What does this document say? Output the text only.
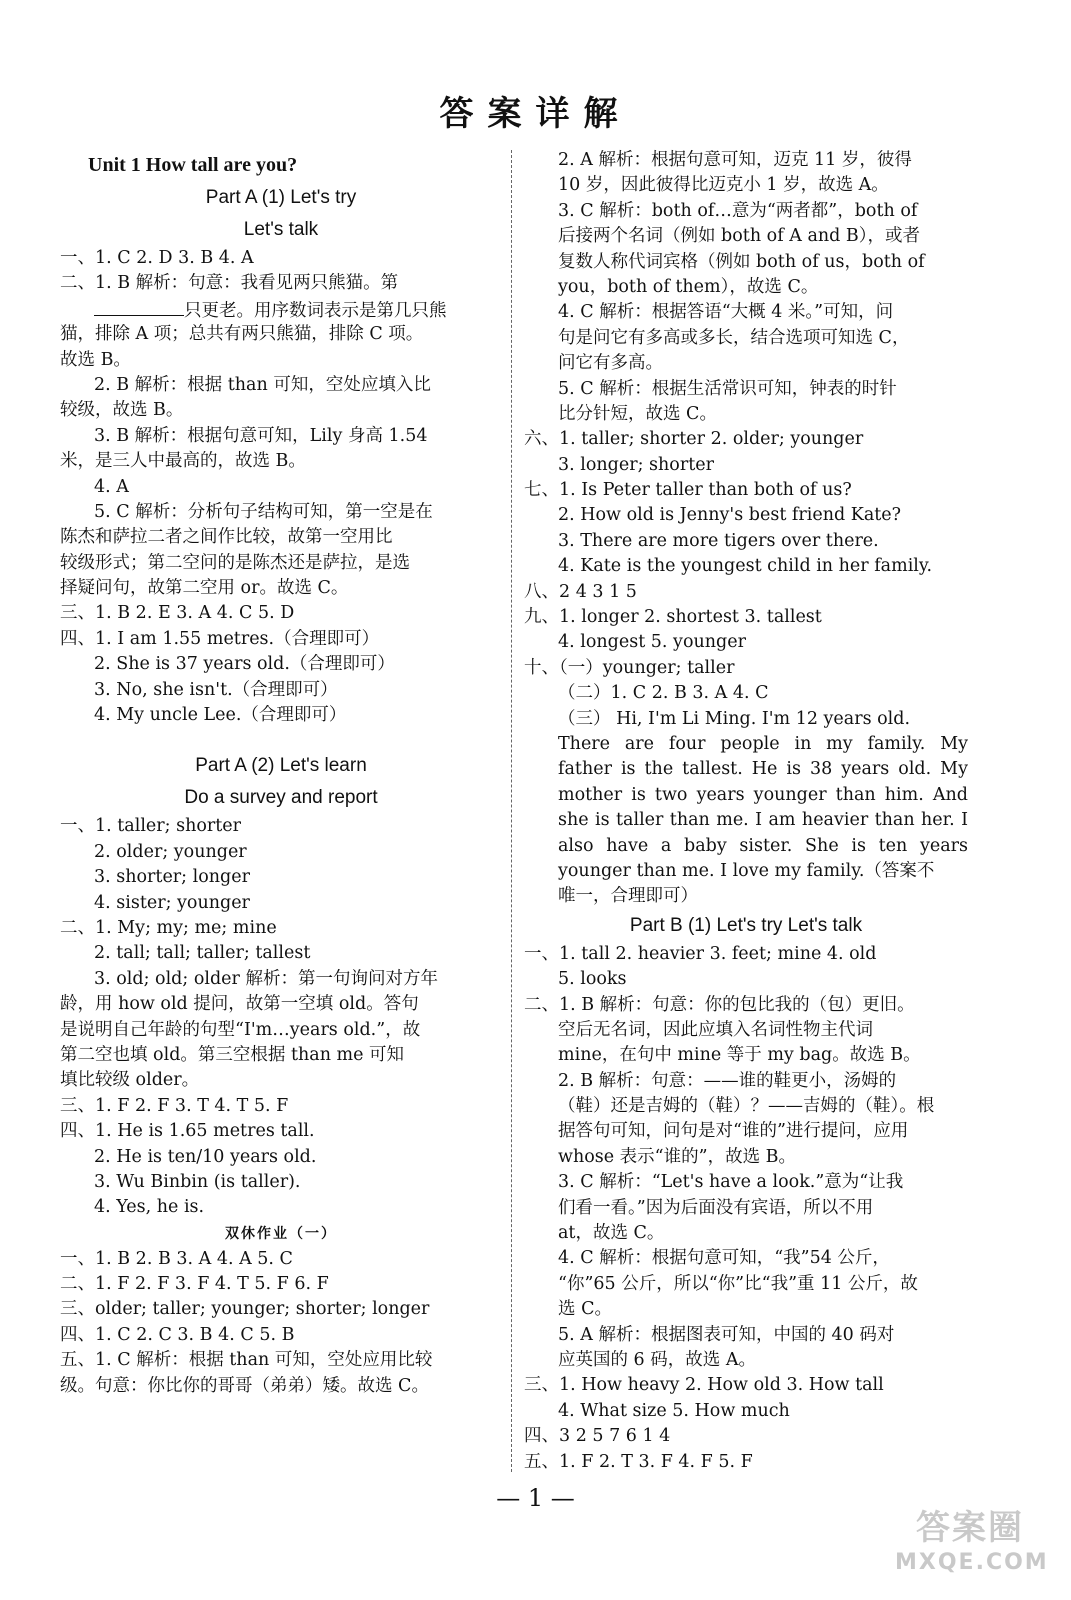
答案详解
Unit 1 How tall are you?
Part A (1) Let's try
Let's talk
一、1. C 2. D 3. B 4. A
二、1. B 解析：句意：我看见两只熊猫。第
只更老。用序数词表示是第几只熊
猫，排除 A 项；总共有两只熊猫，排除 C 项。
故选 B。
2. B 解析：根据 than 可知，空处应填入比
较级，故选 B。
3. B 解析：根据句意可知，Lily 身高 1.54
米，是三人中最高的，故选 B。
4. A
5. C 解析：分析句子结构可知，第一空是在
陈杰和萨拉二者之间作比较，故第一空用比
较级形式；第二空问的是陈杰还是萨拉，是选
择疑问句，故第二空用 or。故选 C。
三、1. B 2. E 3. A 4. C 5. D
四、1. I am 1.55 metres.（合理即可）
2. She is 37 years old.（合理即可）
3. No, she isn't.（合理即可）
4. My uncle Lee.（合理即可）
Part A (2) Let's learn
Do a survey and report
一、1. taller; shorter
2. older; younger
3. shorter; longer
4. sister; younger
二、1. My; my; me; mine
2. tall; tall; taller; tallest
3. old; old; older 解析：第一句询问对方年
龄，用 how old 提问，故第一空填 old。答句
是说明自己年龄的句型“I'm…years old.”，故
第二空也填 old。第三空根据 than me 可知
填比较级 older。
三、1. F 2. F 3. T 4. T 5. F
四、1. He is 1.65 metres tall.
2. He is ten/10 years old.
3. Wu Binbin (is taller).
4. Yes, he is.
双休作业（一）
一、1. B 2. B 3. A 4. A 5. C
二、1. F 2. F 3. F 4. T 5. F 6. F
三、older; taller; younger; shorter; longer
四、1. C 2. C 3. B 4. C 5. B
五、1. C 解析：根据 than 可知，空处应用比较
级。句意：你比你的哥哥（弟弟）矮。故选 C。
2. A 解析：根据句意可知，迈克 11 岁，彼得
10 岁，因此彼得比迈克小 1 岁，故选 A。
3. C 解析：both of…意为“两者都”，both of
后接两个名词（例如 both of A and B），或者
复数人称代词宾格（例如 both of us，both of
you，both of them），故选 C。
4. C 解析：根据答语“大概 4 米。”可知，问
句是问它有多高或多长，结合选项可知选 C，
问它有多高。
5. C 解析：根据生活常识可知，钟表的时针
比分针短，故选 C。
六、1. taller; shorter 2. older; younger
3. longer; shorter
七、1. Is Peter taller than both of us?
2. How old is Jenny's best friend Kate?
3. There are more tigers over there.
4. Kate is the youngest child in her family.
八、2 4 3 1 5
九、1. longer 2. shortest 3. tallest
4. longest 5. younger
十、（一）younger; taller
（二）1. C 2. B 3. A 4. C
（三） Hi, I'm Li Ming. I'm 12 years old.
There are four people in my family. My
father is the tallest. He is 38 years old. My
mother is two years younger than him. And
she is taller than me. I am heavier than her. I
also have a baby sister. She is ten years
younger than me. I love my family.（答案不
唯一，合理即可）
Part B (1) Let's try Let's talk
一、1. tall 2. heavier 3. feet; mine 4. old
5. looks
二、1. B 解析：句意：你的包比我的（包）更旧。
空后无名词，因此应填入名词性物主代词
mine，在句中 mine 等于 my bag。故选 B。
2. B 解析：句意：——谁的鞋更小，汤姆的
（鞋）还是吉姆的（鞋）？——吉姆的（鞋）。根
据答句可知，问句是对“谁的”进行提问，应用
whose 表示“谁的”，故选 B。
3. C 解析：“Let's have a look.”意为“让我
们看一看。”因为后面没有宾语，所以不用
at，故选 C。
4. C 解析：根据句意可知，“我”54 公斤，
“你”65 公斤，所以“你”比“我”重 11 公斤，故
选 C。
5. A 解析：根据图表可知，中国的 40 码对
应英国的 6 码，故选 A。
三、1. How heavy 2. How old 3. How tall
4. What size 5. How much
四、3 2 5 7 6 1 4
五、1. F 2. T 3. F 4. F 5. F
— 1 —
答案圈
MXQE.COM
